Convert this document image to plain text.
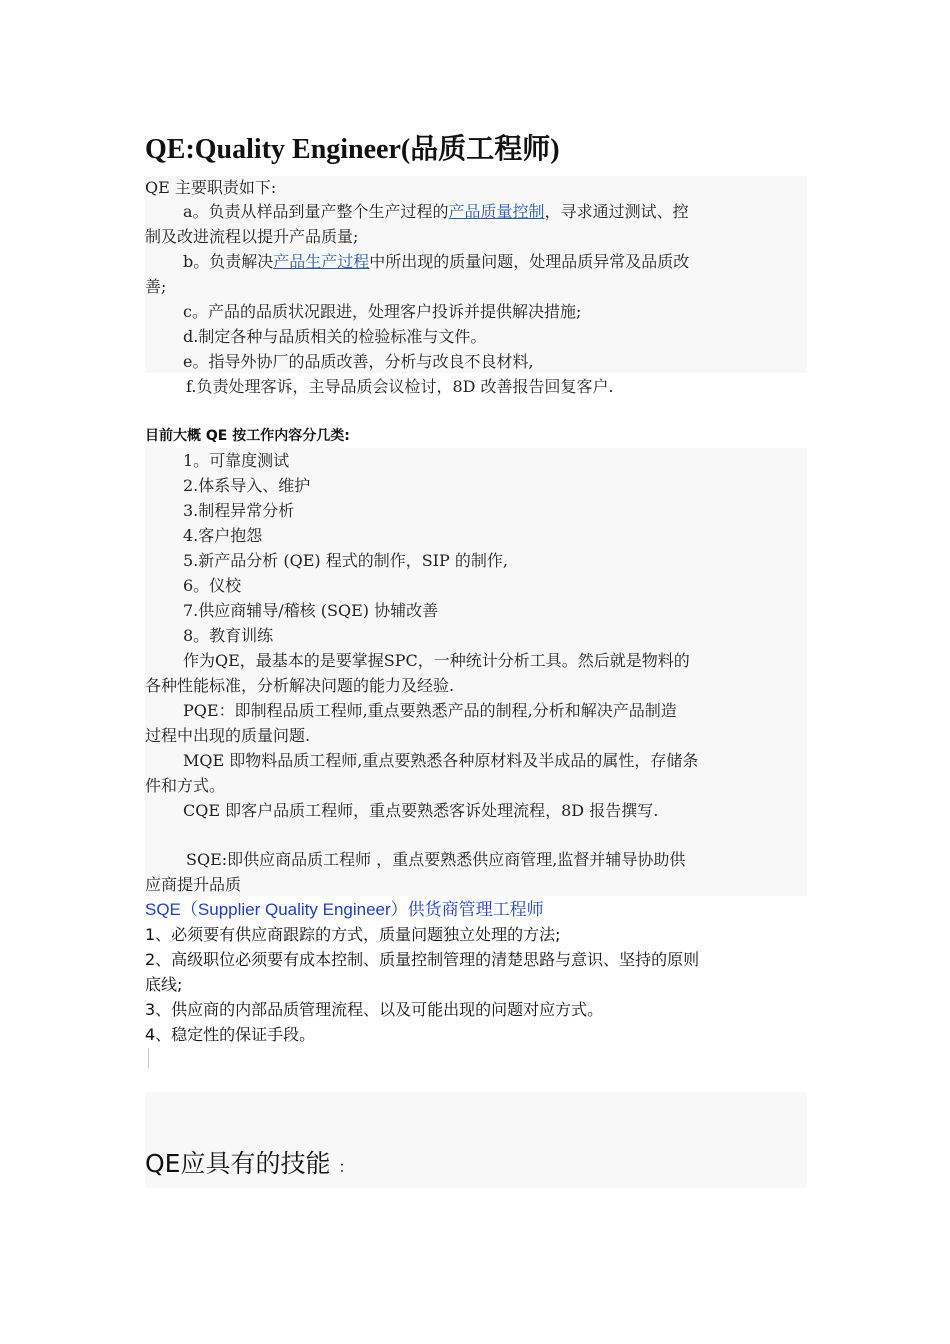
QE:Quality Engineer(品质工程师)
QE 主要职责如下:
a。负责从样品到量产整个生产过程的产品质量控制，寻求通过测试、控
制及改进流程以提升产品质量;
b。负责解决产品生产过程中所出现的质量问题，处理品质异常及品质改
善;
c。产品的品质状况跟进，处理客户投诉并提供解决措施;
d.制定各种与品质相关的检验标准与文件。
e。指导外协厂的品质改善，分析与改良不良材料,
f.负责处理客诉，主导品质会议检讨，8D 改善报告回复客户.
目前大概 QE 按工作内容分几类:
1。可靠度测试
2.体系导入、维护
3.制程异常分析
4.客户抱怨
5.新产品分析 (QE) 程式的制作，SIP 的制作,
6。仪校
7.供应商辅导/稽核 (SQE) 协辅改善
8。教育训练
作为QE，最基本的是要掌握SPC，一种统计分析工具。然后就是物料的
各种性能标准，分析解决问题的能力及经验.
PQE：即制程品质工程师,重点要熟悉产品的制程,分析和解决产品制造
过程中出现的质量问题.
MQE 即物料品质工程师,重点要熟悉各种原材料及半成品的属性，存储条
件和方式。
CQE 即客户品质工程师，重点要熟悉客诉处理流程，8D 报告撰写.
SQE:即供应商品质工程师 ，重点要熟悉供应商管理,监督并辅导协助供
应商提升品质
SQE（Supplier Quality Engineer）供货商管理工程师
1、必须要有供应商跟踪的方式，质量问题独立处理的方法;
2、高级职位必须要有成本控制、质量控制管理的清楚思路与意识、坚持的原则
底线;
3、供应商的内部品质管理流程、以及可能出现的问题对应方式。
4、稳定性的保证手段。
QE应具有的技能 ：
